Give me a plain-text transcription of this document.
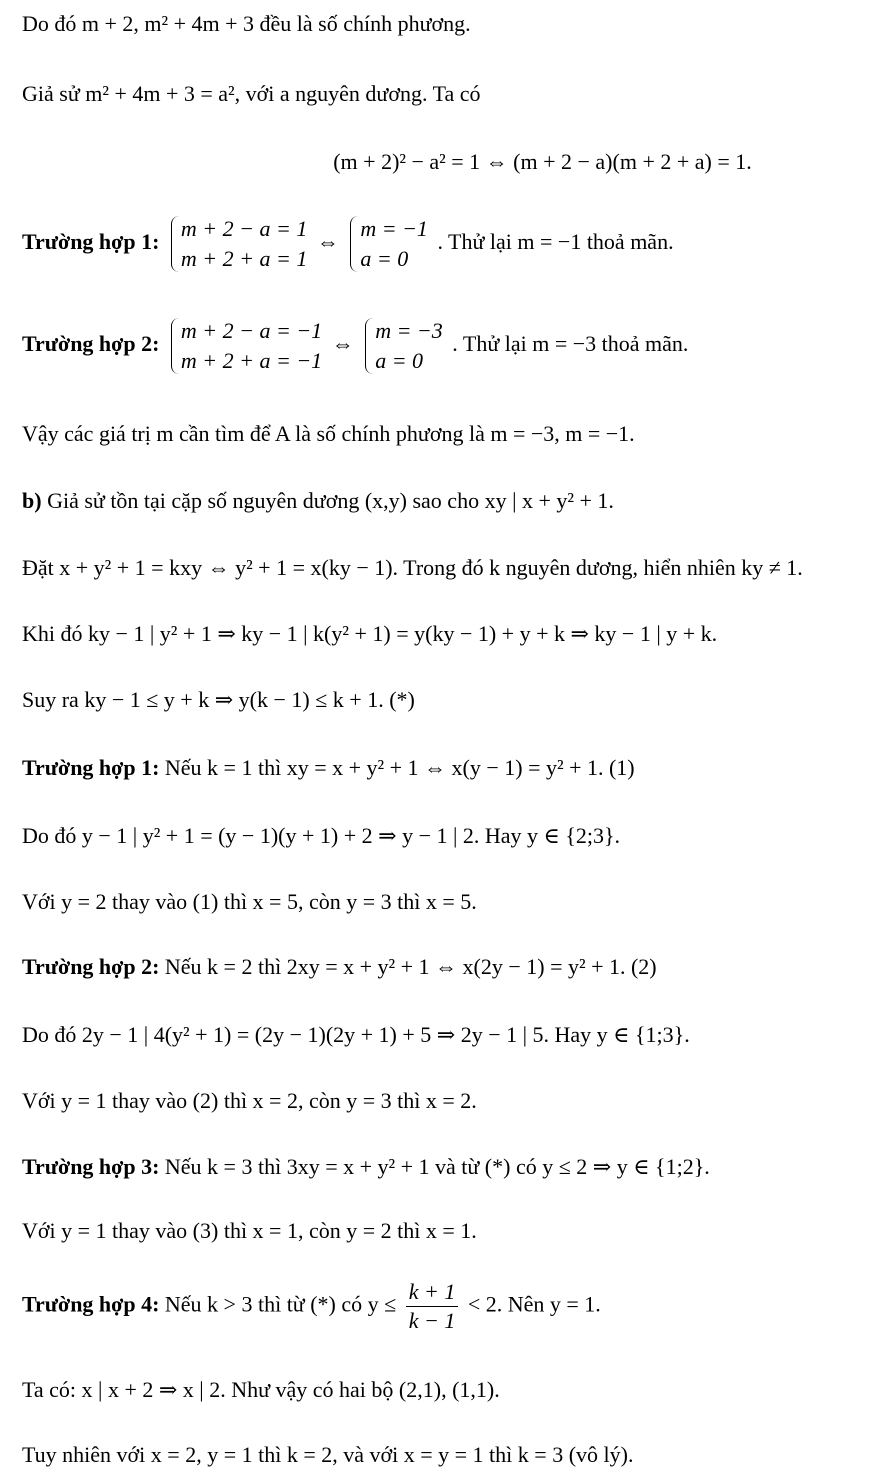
Do đó m + 2, m² + 4m + 3 đều là số chính phương.
Giả sử m² + 4m + 3 = a², với a nguyên dương. Ta có
(m + 2)² − a² = 1 ⇔ (m + 2 − a)(m + 2 + a) = 1.
Trường hợp 1:
m + 2 − a = 1
m + 2 + a = 1
⇔
m = −1
a = 0
. Thử lại m = −1 thoả mãn.
Trường hợp 2:
m + 2 − a = −1
m + 2 + a = −1
⇔
m = −3
a = 0
. Thử lại m = −3 thoả mãn.
Vậy các giá trị m cần tìm để A là số chính phương là m = −3, m = −1.
b) Giả sử tồn tại cặp số nguyên dương (x,y) sao cho xy | x + y² + 1.
Đặt x + y² + 1 = kxy ⇔ y² + 1 = x(ky − 1). Trong đó k nguyên dương, hiển nhiên ky ≠ 1.
Khi đó ky − 1 | y² + 1 ⇒ ky − 1 | k(y² + 1) = y(ky − 1) + y + k ⇒ ky − 1 | y + k.
Suy ra ky − 1 ≤ y + k ⇒ y(k − 1) ≤ k + 1. (*)
Trường hợp 1: Nếu k = 1 thì xy = x + y² + 1 ⇔ x(y − 1) = y² + 1. (1)
Do đó y − 1 | y² + 1 = (y − 1)(y + 1) + 2 ⇒ y − 1 | 2. Hay y ∈ {2;3}.
Với y = 2 thay vào (1) thì x = 5, còn y = 3 thì x = 5.
Trường hợp 2: Nếu k = 2 thì 2xy = x + y² + 1 ⇔ x(2y − 1) = y² + 1. (2)
Do đó 2y − 1 | 4(y² + 1) = (2y − 1)(2y + 1) + 5 ⇒ 2y − 1 | 5. Hay y ∈ {1;3}.
Với y = 1 thay vào (2) thì x = 2, còn y = 3 thì x = 2.
Trường hợp 3: Nếu k = 3 thì 3xy = x + y² + 1 và từ (*) có y ≤ 2 ⇒ y ∈ {1;2}.
Với y = 1 thay vào (3) thì x = 1, còn y = 2 thì x = 1.
Trường hợp 4: Nếu k > 3 thì từ (*) có $y \le \frac{k + 1}{k - 1} < 2$. Nên y = 1.
Ta có: x | x + 2 ⇒ x | 2. Như vậy có hai bộ (2,1), (1,1).
Tuy nhiên với x = 2, y = 1 thì k = 2, và với x = y = 1 thì k = 3 (vô lý).
